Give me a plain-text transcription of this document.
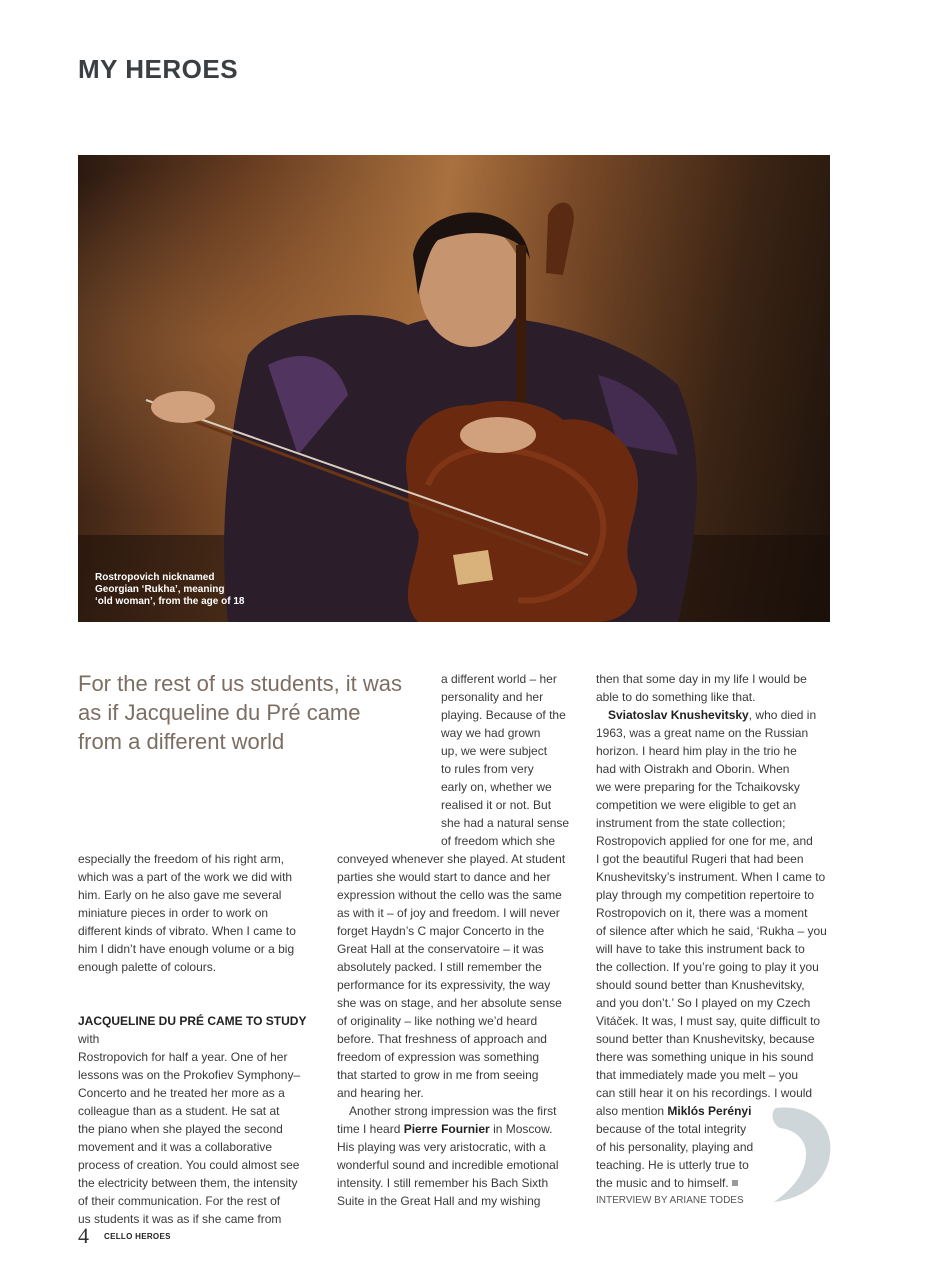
MY HEROES
Rostropovich nicknamed
Georgian ‘Rukha’, meaning
‘old woman’, from the age of 18
For the rest of us students, it was as if Jacqueline du Pré came from a different world

a different world – her

personality and her

playing. Because of the

way we had grown

up, we were subject

to rules from very

early on, whether we

realised it or not. But

she had a natural sense

of freedom which she

especially the freedom of his right arm,

which was a part of the work we did with

him. Early on he also gave me several

miniature pieces in order to work on

different kinds of vibrato. When I came to

him I didn’t have enough volume or a big

enough palette of colours.

JACQUELINE DU PRÉ CAME TO STUDY with

Rostropovich for half a year. One of her

lessons was on the Prokofiev Symphony–

Concerto and he treated her more as a

colleague than as a student. He sat at

the piano when she played the second

movement and it was a collaborative

process of creation. You could almost see

the electricity between them, the intensity

of their communication. For the rest of

us students it was as if she came from

conveyed whenever she played. At student

parties she would start to dance and her

expression without the cello was the same

as with it – of joy and freedom. I will never

forget Haydn’s C major Concerto in the

Great Hall at the conservatoire – it was

absolutely packed. I still remember the

performance for its expressivity, the way

she was on stage, and her absolute sense

of originality – like nothing we’d heard

before. That freshness of approach and

freedom of expression was something

that started to grow in me from seeing

and hearing her.

Another strong impression was the first

time I heard Pierre Fournier in Moscow.

His playing was very aristocratic, with a

wonderful sound and incredible emotional

intensity. I still remember his Bach Sixth

Suite in the Great Hall and my wishing

then that some day in my life I would be

able to do something like that.

Sviatoslav Knushevitsky, who died in

1963, was a great name on the Russian

horizon. I heard him play in the trio he

had with Oistrakh and Oborin. When

we were preparing for the Tchaikovsky

competition we were eligible to get an

instrument from the state collection;

Rostropovich applied for one for me, and

I got the beautiful Rugeri that had been

Knushevitsky’s instrument. When I came to

play through my competition repertoire to

Rostropovich on it, there was a moment

of silence after which he said, ‘Rukha – you

will have to take this instrument back to

the collection. If you’re going to play it you

should sound better than Knushevitsky,

and you don’t.’ So I played on my Czech

Vitáček. It was, I must say, quite difficult to

sound better than Knushevitsky, because

there was something unique in his sound

that immediately made you melt – you

can still hear it on his recordings. I would

also mention Miklós Perényi

because of the total integrity

of his personality, playing and

teaching. He is utterly true to

the music and to himself.

INTERVIEW BY ARIANE TODES

4 CELLO HEROES
